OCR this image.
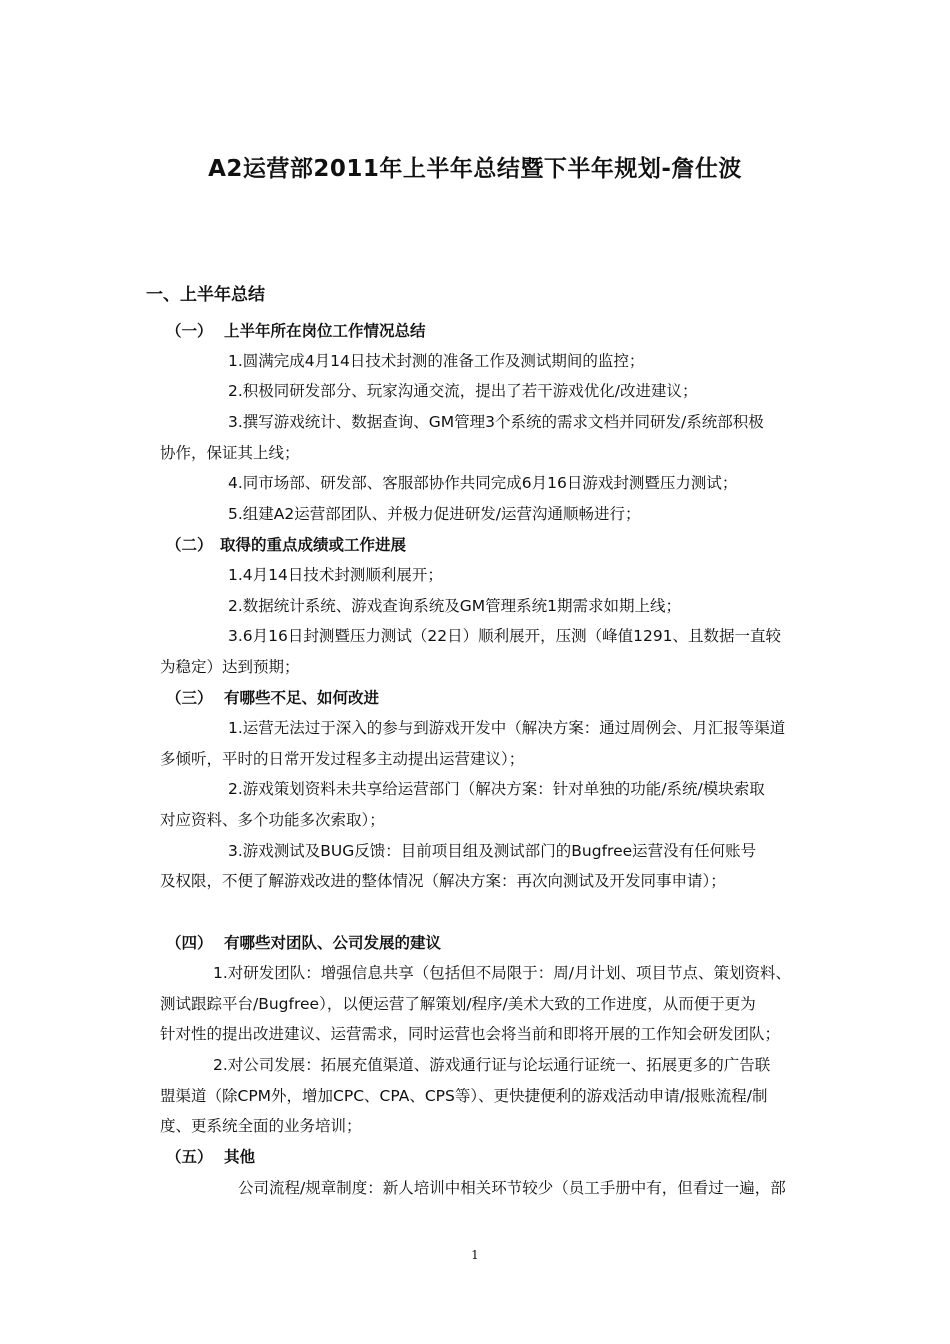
A2运营部2011年上半年总结暨下半年规划-詹仕波
一、上半年总结
（一） 上半年所在岗位工作情况总结
1.圆满完成4月14日技术封测的准备工作及测试期间的监控；
2.积极同研发部分、玩家沟通交流，提出了若干游戏优化/改进建议；
3.撰写游戏统计、数据查询、GM管理3个系统的需求文档并同研发/系统部积极
协作，保证其上线；
4.同市场部、研发部、客服部协作共同完成6月16日游戏封测暨压力测试；
5.组建A2运营部团队、并极力促进研发/运营沟通顺畅进行；
（二） 取得的重点成绩或工作进展
1.4月14日技术封测顺利展开；
2.数据统计系统、游戏查询系统及GM管理系统1期需求如期上线；
3.6月16日封测暨压力测试（22日）顺利展开，压测（峰值1291、且数据一直较
为稳定）达到预期；
（三） 有哪些不足、如何改进
1.运营无法过于深入的参与到游戏开发中（解决方案：通过周例会、月汇报等渠道
多倾听，平时的日常开发过程多主动提出运营建议）；
2.游戏策划资料未共享给运营部门（解决方案：针对单独的功能/系统/模块索取
对应资料、多个功能多次索取）；
3.游戏测试及BUG反馈：目前项目组及测试部门的Bugfree运营没有任何账号
及权限，不便了解游戏改进的整体情况（解决方案：再次向测试及开发同事申请）；
（四） 有哪些对团队、公司发展的建议
1.对研发团队：增强信息共享（包括但不局限于：周/月计划、项目节点、策划资料、
测试跟踪平台/Bugfree），以便运营了解策划/程序/美术大致的工作进度，从而便于更为
针对性的提出改进建议、运营需求，同时运营也会将当前和即将开展的工作知会研发团队；
2.对公司发展：拓展充值渠道、游戏通行证与论坛通行证统一、拓展更多的广告联
盟渠道（除CPM外，增加CPC、CPA、CPS等）、更快捷便利的游戏活动申请/报账流程/制
度、更系统全面的业务培训；
（五） 其他
公司流程/规章制度：新人培训中相关环节较少（员工手册中有，但看过一遍，部
1
